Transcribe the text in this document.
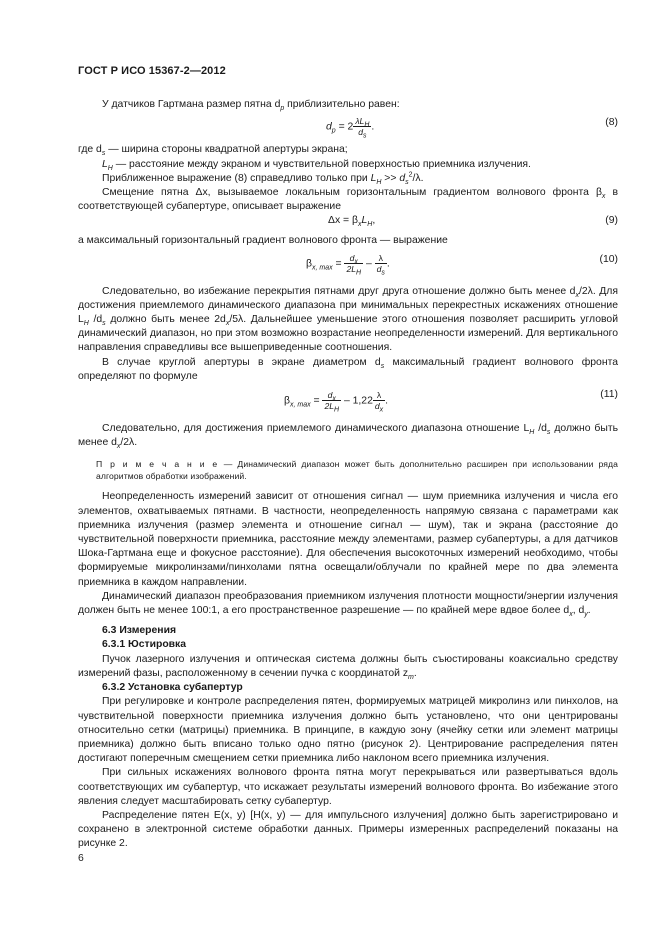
ГОСТ Р ИСО 15367-2—2012

У датчиков Гартмана размер пятна $d_p$ приблизительно равен:

$d_p = 2$
$\lambda L_H$
$d_s$
.	(8)
где $d_s$ — ширина стороны квадратной апертуры экрана;
$L_H$ — расстояние между экраном и чувствительной поверхностью приемника излучения.

Приближенное выражение (8) справедливо только при $L_H >> d_s^2/\lambda$.

Смещение пятна Δx, вызываемое локальным горизонтальным градиентом волнового фронта $\beta_x$ в соответствующей субапертуре, описывает выражение

$\Delta x = \beta_xL_H$,	(9)

а максимальный горизонтальный градиент волнового фронта — выражение

$\beta_{x, max} = \frac{d_x}{2L_H} - \frac{\lambda}{d_s}$ .	(10)

Следовательно, во избежание перекрытия пятнами друг друга отношение должно быть менее $d_x/2\lambda$. Для достижения приемлемого динамического диапазона при минимальных перекрестных искажениях отношение $L_H$ $/d_s$ должно быть менее $2d_x/5\lambda$. Дальнейшее уменьшение этого отношения позволяет расширить угловой динамический диапазон, но при этом возможно возрастание неопределенности измерений. Для вертикального направления справедливы все вышеприведенные соотношения.

В случае круглой апертуры в экране диаметром $d_s$ максимальный градиент волнового фронта определяют по формуле

$\beta_{x, max} = \frac{d_x}{2L_H} - 1,22 \frac{\lambda}{d_x}$ .
(11)

Следовательно, для достижения приемлемого динамического диапазона отношение $L_H$ $/d_s$ должно быть менее $d_x/2\lambda$.

П р и м е ч а н и е — Динамический диапазон может быть дополнительно расширен при использовании ряда алгоритмов обработки изображений.

Неопределенность измерений зависит от отношения сигнал — шум приемника излучения и числа его элементов, охватываемых пятнами. В частности, неопределенность напрямую связана с параметрами как приемника излучения (размер элемента и отношение сигнал — шум), так и экрана (расстояние до чувствительной поверхности приемника, расстояние между элементами, размер субапертуры, а для датчиков Шока-Гартмана еще и фокусное расстояние). Для обеспечения высокоточных измерений необходимо, чтобы формируемые микролинзами/пинхолами пятна освещали/облучали по крайней мере по два элемента приемника в каждом направлении.

Динамический диапазон преобразования приемником излучения плотности мощности/энергии излучения должен быть не менее 100:1, а его пространственное разрешение — по крайней мере вдвое более $d_x$, $d_y$.

6.3 Измерения
6.3.1 Юстировка

Пучок лазерного излучения и оптическая система должны быть съюстированы коаксиально средству измерений фазы, расположенному в сечении пучка с координатой $z_m$.

6.3.2 Установка субапертур

При регулировке и контроле распределения пятен, формируемых матрицей микролинз или пинхолов, на чувствительной поверхности приемника излучения должно быть установлено, что они центрированы относительно сетки (матрицы) приемника. В принципе, в каждую зону (ячейку сетки или элемент матрицы приемника) должно быть вписано только одно пятно (рисунок 2). Центрирование распределения пятен достигают поперечным смещением сетки приемника либо наклоном всего приемника излучения.

При сильных искажениях волнового фронта пятна могут перекрываться или развертываться вдоль соответствующих им субапертур, что искажает результаты измерений волнового фронта. Во избежание этого явления следует масштабировать сетку субапертур.

Распределение пятен E(x, y) [H(x, y) — для импульсного излучения] должно быть зарегистрировано и сохранено в электронной системе обработки данных. Примеры измеренных распределений показаны на рисунке 2.

6
